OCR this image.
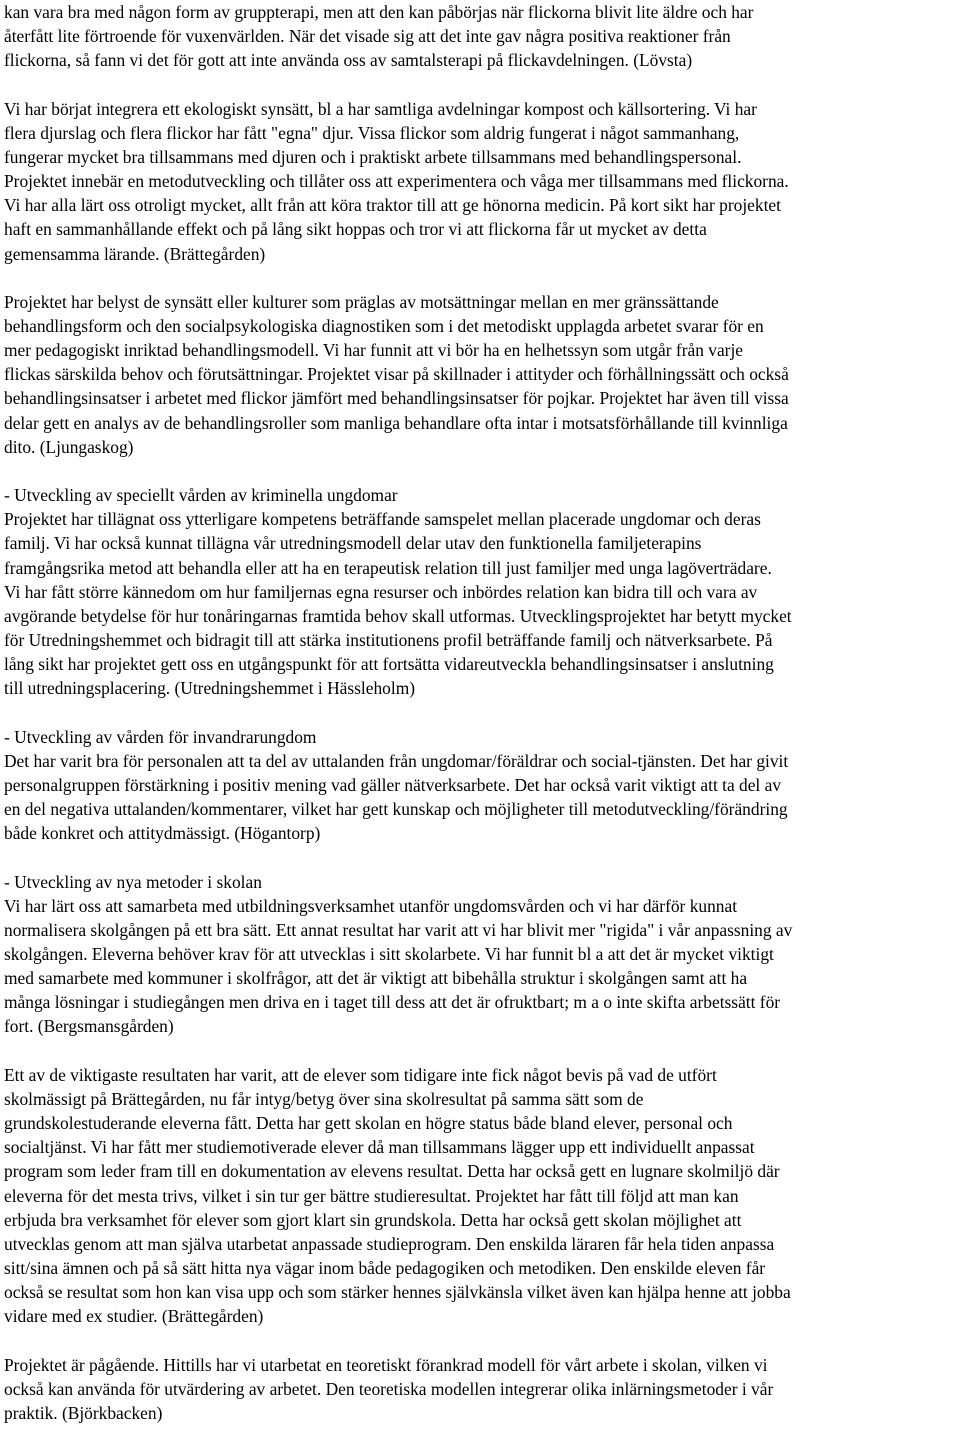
kan vara bra med någon form av gruppterapi, men att den kan påbörjas när flickorna blivit lite äldre och har
återfått lite förtroende för vuxenvärlden. När det visade sig att det inte gav några positiva reaktioner från
flickorna, så fann vi det för gott att inte använda oss av samtalsterapi på flickavdelningen. (Lövsta)

Vi har börjat integrera ett ekologiskt synsätt, bl a har samtliga avdelningar kompost och källsortering. Vi har
flera djurslag och flera flickor har fått "egna" djur. Vissa flickor som aldrig fungerat i något sammanhang,
fungerar mycket bra tillsammans med djuren och i praktiskt arbete tillsammans med behandlingspersonal.
Projektet innebär en metodutveckling och tillåter oss att experimentera och våga mer tillsammans med flickorna.
Vi har alla lärt oss otroligt mycket, allt från att köra traktor till att ge hönorna medicin. På kort sikt har projektet
haft en sammanhållande effekt och på lång sikt hoppas och tror vi att flickorna får ut mycket av detta
gemensamma lärande. (Brättegården)

Projektet har belyst de synsätt eller kulturer som präglas av motsättningar mellan en mer gränssättande
behandlingsform och den socialpsykologiska diagnostiken som i det metodiskt upplagda arbetet svarar för en
mer pedagogiskt inriktad behandlingsmodell. Vi har funnit att vi bör ha en helhetssyn som utgår från varje
flickas särskilda behov och förutsättningar. Projektet visar på skillnader i attityder och förhållningssätt och också
behandlingsinsatser i arbetet med flickor jämfört med behandlingsinsatser för pojkar. Projektet har även till vissa
delar gett en analys av de behandlingsroller som manliga behandlare ofta intar i motsatsförhållande till kvinnliga
dito. (Ljungaskog)

- Utveckling av speciellt vården av kriminella ungdomar
Projektet har tillägnat oss ytterligare kompetens beträffande samspelet mellan placerade ungdomar och deras
familj. Vi har också kunnat tillägna vår utredningsmodell delar utav den funktionella familjeterapins
framgångsrika metod att behandla eller att ha en terapeutisk relation till just familjer med unga lagöverträdare.
Vi har fått större kännedom om hur familjernas egna resurser och inbördes relation kan bidra till och vara av
avgörande betydelse för hur tonåringarnas framtida behov skall utformas. Utvecklingsprojektet har betytt mycket
för Utredningshemmet och bidragit till att stärka institutionens profil beträffande familj och nätverksarbete. På
lång sikt har projektet gett oss en utgångspunkt för att fortsätta vidareutveckla behandlingsinsatser i anslutning
till utredningsplacering. (Utredningshemmet i Hässleholm)

- Utveckling av vården för invandrarungdom
Det har varit bra för personalen att ta del av uttalanden från ungdomar/föräldrar och social-tjänsten. Det har givit
personalgruppen förstärkning i positiv mening vad gäller nätverksarbete. Det har också varit viktigt att ta del av
en del negativa uttalanden/kommentarer, vilket har gett kunskap och möjligheter till metodutveckling/förändring
både konkret och attitydmässigt. (Högantorp)

- Utveckling av nya metoder i skolan
Vi har lärt oss att samarbeta med utbildningsverksamhet utanför ungdomsvården och vi har därför kunnat
normalisera skolgången på ett bra sätt. Ett annat resultat har varit att vi har blivit mer "rigida" i vår anpassning av
skolgången. Eleverna behöver krav för att utvecklas i sitt skolarbete. Vi har funnit bl a att det är mycket viktigt
med samarbete med kommuner i skolfrågor, att det är viktigt att bibehålla struktur i skolgången samt att ha
många lösningar i studiegången men driva en i taget till dess att det är ofruktbart; m a o inte skifta arbetssätt för
fort. (Bergsmansgården)

Ett av de viktigaste resultaten har varit, att de elever som tidigare inte fick något bevis på vad de utfört
skolmässigt på Brättegården, nu får intyg/betyg över sina skolresultat på samma sätt som de
grundskolestuderande eleverna fått. Detta har gett skolan en högre status både bland elever, personal och
socialtjänst. Vi har fått mer studiemotiverade elever då man tillsammans lägger upp ett individuellt anpassat
program som leder fram till en dokumentation av elevens resultat. Detta har också gett en lugnare skolmiljö där
eleverna för det mesta trivs, vilket i sin tur ger bättre studieresultat. Projektet har fått till följd att man kan
erbjuda bra verksamhet för elever som gjort klart sin grundskola. Detta har också gett skolan möjlighet att
utvecklas genom att man själva utarbetat anpassade studieprogram. Den enskilda läraren får hela tiden anpassa
sitt/sina ämnen och på så sätt hitta nya vägar inom både pedagogiken och metodiken. Den enskilde eleven får
också se resultat som hon kan visa upp och som stärker hennes självkänsla vilket även kan hjälpa henne att jobba
vidare med ex studier. (Brättegården)

Projektet är pågående. Hittills har vi utarbetat en teoretiskt förankrad modell för vårt arbete i skolan, vilken vi
också kan använda för utvärdering av arbetet. Den teoretiska modellen integrerar olika inlärningsmetoder i vår
praktik. (Björkbacken)
